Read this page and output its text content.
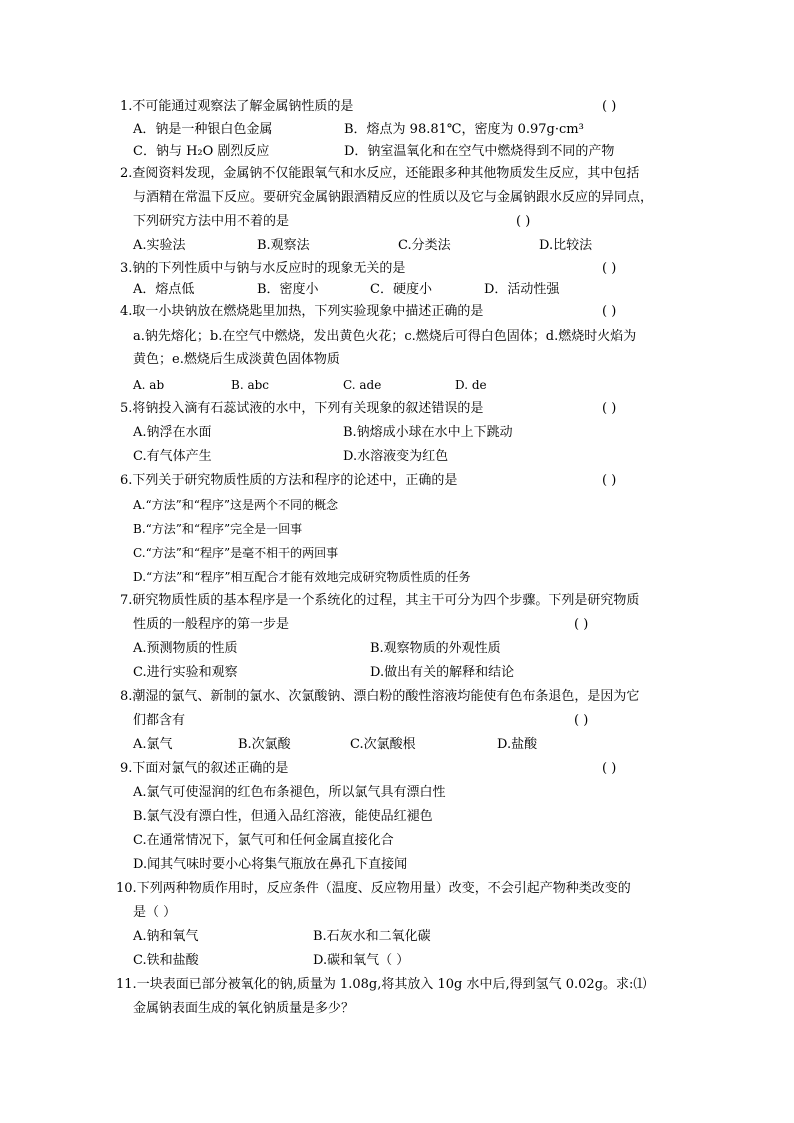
1.不可能通过观察法了解金属钠性质的是	( )
A．钠是一种银白色金属	B．熔点为 98.81℃，密度为 0.97g·cm³
C．钠与 H₂O 剧烈反应	D．钠室温氧化和在空气中燃烧得到不同的产物
2.查阅资料发现，金属钠不仅能跟氧气和水反应，还能跟多种其他物质发生反应，其中包括
与酒精在常温下反应。要研究金属钠跟酒精反应的性质以及它与金属钠跟水反应的异同点，
下列研究方法中用不着的是	( )
A.实验法	B.观察法	C.分类法	D.比较法
3.钠的下列性质中与钠与水反应时的现象无关的是	( )
A．熔点低	B．密度小	C．硬度小	D．活动性强
4.取一小块钠放在燃烧匙里加热，下列实验现象中描述正确的是	( )
a.钠先熔化；b.在空气中燃烧，发出黄色火花；c.燃烧后可得白色固体；d.燃烧时火焰为
黄色；e.燃烧后生成淡黄色固体物质
A. ab	B. abc	C. ade	D. de
5.将钠投入滴有石蕊试液的水中，下列有关现象的叙述错误的是	( )
A.钠浮在水面	B.钠熔成小球在水中上下跳动
C.有气体产生	D.水溶液变为红色
6.下列关于研究物质性质的方法和程序的论述中，正确的是	( )
A.“方法”和“程序”这是两个不同的概念
B.“方法”和“程序”完全是一回事
C.“方法”和“程序”是毫不相干的两回事
D.“方法”和“程序”相互配合才能有效地完成研究物质性质的任务
7.研究物质性质的基本程序是一个系统化的过程，其主干可分为四个步骤。下列是研究物质
性质的一般程序的第一步是	( )
A.预测物质的性质	B.观察物质的外观性质
C.进行实验和观察	D.做出有关的解释和结论
8.潮湿的氯气、新制的氯水、次氯酸钠、漂白粉的酸性溶液均能使有色布条退色，是因为它
们都含有	( )
A.氯气	B.次氯酸	C.次氯酸根	D.盐酸
9.下面对氯气的叙述正确的是	( )
A.氯气可使湿润的红色布条褪色，所以氯气具有漂白性
B.氯气没有漂白性，但通入品红溶液，能使品红褪色
C.在通常情况下，氯气可和任何金属直接化合
D.闻其气味时要小心将集气瓶放在鼻孔下直接闻
10.下列两种物质作用时，反应条件（温度、反应物用量）改变，不会引起产物种类改变的
是（ ）
A.钠和氧气	B.石灰水和二氧化碳
C.铁和盐酸	D.碳和氧气（ ）
11.一块表面已部分被氧化的钠,质量为 1.08g,将其放入 10g 水中后,得到氢气 0.02g。求:⑴
金属钠表面生成的氧化钠质量是多少？
